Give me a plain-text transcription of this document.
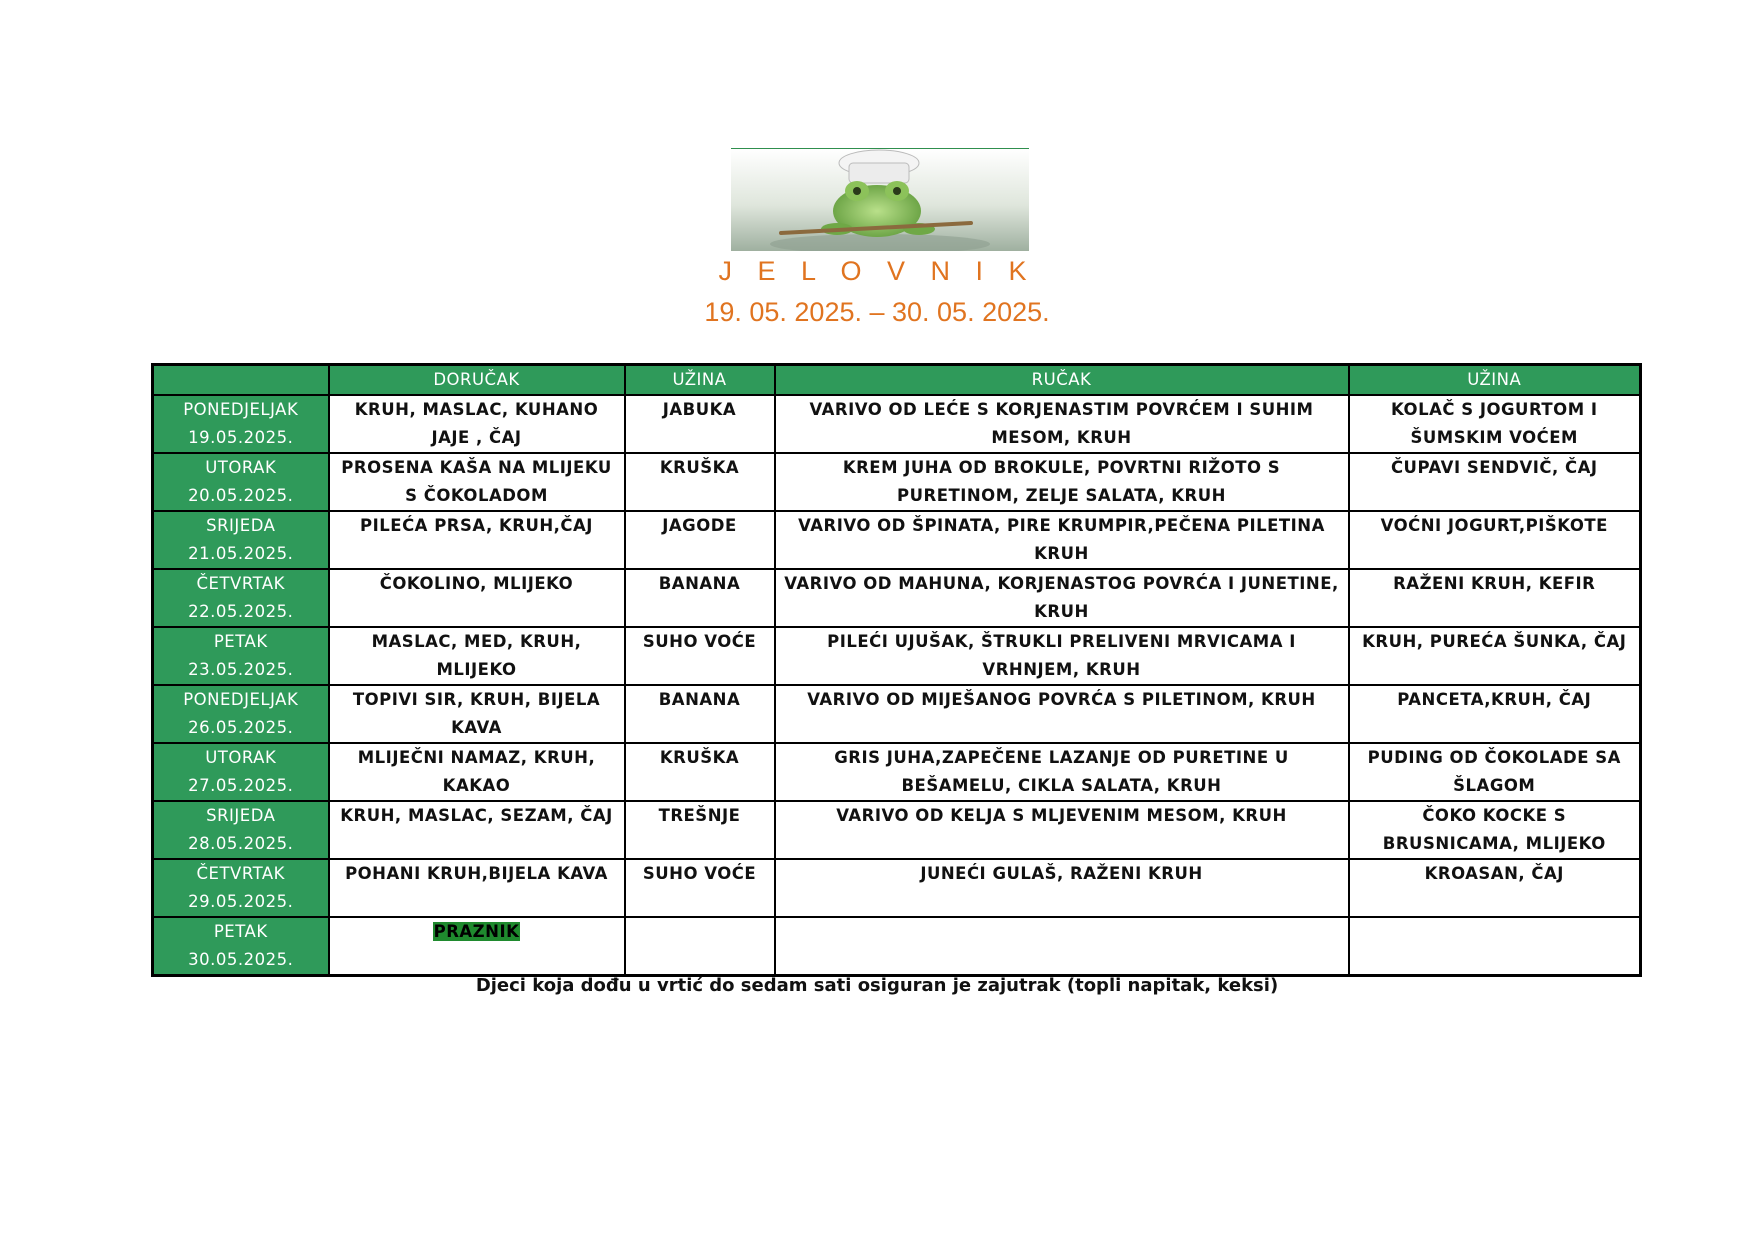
J E L O V N I K
19. 05. 2025. – 30. 05. 2025.
	DORUČAK	UŽINA	RUČAK	UŽINA

PONEDJELJAK
19.05.2025.	KRUH, MASLAC, KUHANO JAJE , ČAJ	JABUKA	VARIVO OD LEĆE S KORJENASTIM POVRĆEM I SUHIM MESOM, KRUH	KOLAČ S JOGURTOM I ŠUMSKIM VOĆEM

UTORAK
20.05.2025.	PROSENA KAŠA NA MLIJEKU S ČOKOLADOM	KRUŠKA	KREM JUHA OD BROKULE, POVRTNI RIŽOTO S PURETINOM, ZELJE SALATA, KRUH	ČUPAVI SENDVIČ, ČAJ

SRIJEDA
21.05.2025.	PILEĆA PRSA, KRUH,ČAJ	JAGODE	VARIVO OD ŠPINATA, PIRE KRUMPIR,PEČENA PILETINA KRUH	VOĆNI JOGURT,PIŠKOTE

ČETVRTAK
22.05.2025.	ČOKOLINO, MLIJEKO	BANANA	VARIVO OD MAHUNA, KORJENASTOG POVRĆA I JUNETINE, KRUH	RAŽENI KRUH, KEFIR

PETAK
23.05.2025.	MASLAC, MED, KRUH, MLIJEKO	SUHO VOĆE	PILEĆI UJUŠAK, ŠTRUKLI PRELIVENI MRVICAMA I VRHNJEM, KRUH	KRUH, PUREĆA ŠUNKA, ČAJ

PONEDJELJAK
26.05.2025.	TOPIVI SIR, KRUH, BIJELA KAVA	BANANA	VARIVO OD MIJEŠANOG POVRĆA S PILETINOM, KRUH	PANCETA,KRUH, ČAJ

UTORAK
27.05.2025.	MLIJEČNI NAMAZ, KRUH, KAKAO	KRUŠKA	GRIS JUHA,ZAPEČENE LAZANJE OD PURETINE U BEŠAMELU, CIKLA SALATA, KRUH	PUDING OD ČOKOLADE SA ŠLAGOM

SRIJEDA
28.05.2025.	KRUH, MASLAC, SEZAM, ČAJ	TREŠNJE	VARIVO OD KELJA S MLJEVENIM MESOM, KRUH	ČOKO KOCKE S BRUSNICAMA, MLIJEKO

ČETVRTAK
29.05.2025.	POHANI KRUH,BIJELA KAVA	SUHO VOĆE	JUNEĆI GULAŠ, RAŽENI KRUH	KROASAN, ČAJ

PETAK
30.05.2025.	PRAZNIK			
Djeci koja dođu u vrtić do sedam sati osiguran je zajutrak (topli napitak, keksi)
